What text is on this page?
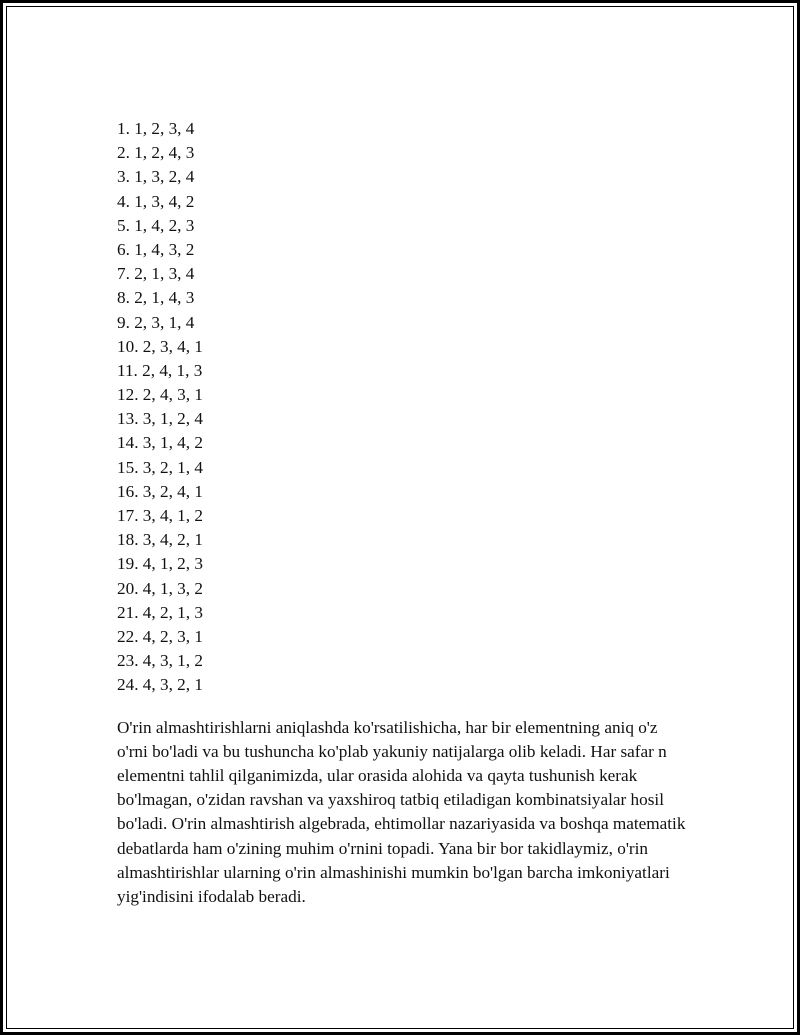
1. 1, 2, 3, 4
2. 1, 2, 4, 3
3. 1, 3, 2, 4
4. 1, 3, 4, 2
5. 1, 4, 2, 3
6. 1, 4, 3, 2
7. 2, 1, 3, 4
8. 2, 1, 4, 3
9. 2, 3, 1, 4
10. 2, 3, 4, 1
11. 2, 4, 1, 3
12. 2, 4, 3, 1
13. 3, 1, 2, 4
14. 3, 1, 4, 2
15. 3, 2, 1, 4
16. 3, 2, 4, 1
17. 3, 4, 1, 2
18. 3, 4, 2, 1
19. 4, 1, 2, 3
20. 4, 1, 3, 2
21. 4, 2, 1, 3
22. 4, 2, 3, 1
23. 4, 3, 1, 2
24. 4, 3, 2, 1

O'rin almashtirishlarni aniqlashda ko'rsatilishicha, har bir elementning aniq o'z o'rni bo'ladi va bu tushuncha ko'plab yakuniy natijalarga olib keladi. Har safar n elementni tahlil qilganimizda, ular orasida alohida va qayta tushunish kerak bo'lmagan, o'zidan ravshan va yaxshiroq tatbiq etiladigan kombinatsiyalar hosil bo'ladi. O'rin almashtirish algebrada, ehtimollar nazariyasida va boshqa matematik debatlarda ham o'zining muhim o'rnini topadi. Yana bir bor takidlaymiz, o'rin almashtirishlar ularning o'rin almashinishi mumkin bo'lgan barcha imkoniyatlari yig'indisini ifodalab beradi.
